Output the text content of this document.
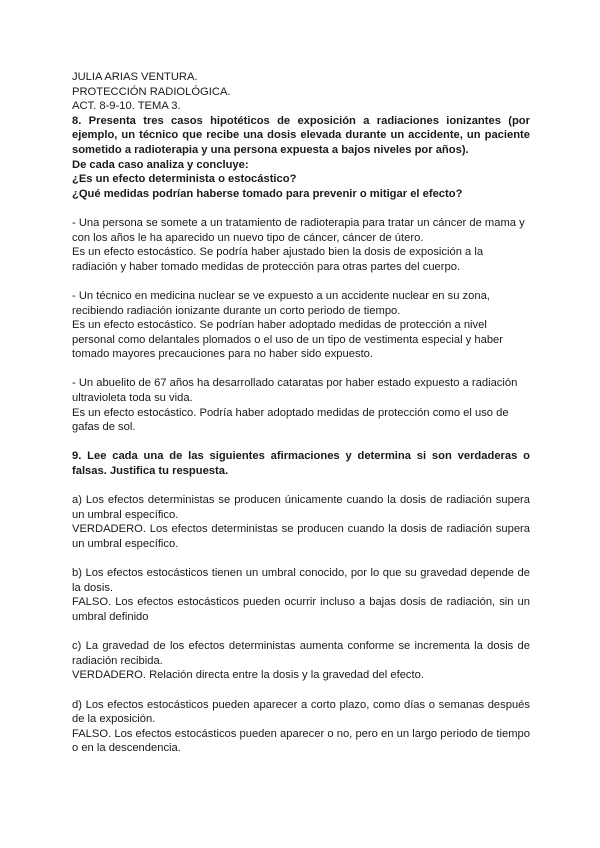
JULIA ARIAS VENTURA.
PROTECCIÓN RADIOLÓGICA.
ACT. 8-9-10. TEMA 3.
8. Presenta tres casos hipotéticos de exposición a radiaciones ionizantes (por ejemplo, un técnico que recibe una dosis elevada durante un accidente, un paciente sometido a radioterapia y una persona expuesta a bajos niveles por años).
De cada caso analiza y concluye:
¿Es un efecto determinista o estocástico?
¿Qué medidas podrían haberse tomado para prevenir o mitigar el efecto?
- Una persona se somete a un tratamiento de radioterapia para tratar un cáncer de mama y con los años le ha aparecido un nuevo tipo de cáncer, cáncer de útero.
Es un efecto estocástico. Se podría haber ajustado bien la dosis de exposición a la radiación y haber tomado medidas de protección para otras partes del cuerpo.
- Un técnico en medicina nuclear se ve expuesto a un accidente nuclear en su zona, recibiendo radiación ionizante durante un corto periodo de tiempo.
Es un efecto estocástico. Se podrían haber adoptado medidas de protección a nivel personal como delantales plomados o el uso de un tipo de vestimenta especial y haber tomado mayores precauciones para no haber sido expuesto.
- Un abuelito de 67 años ha desarrollado cataratas por haber estado expuesto a radiación ultravioleta toda su vida.
Es un efecto estocástico. Podría haber adoptado medidas de protección como el uso de gafas de sol.
9. Lee cada una de las siguientes afirmaciones y determina si son verdaderas o falsas. Justifica tu respuesta.
a) Los efectos deterministas se producen únicamente cuando la dosis de radiación supera un umbral específico.
VERDADERO. Los efectos deterministas se producen cuando la dosis de radiación supera un umbral específico.
b) Los efectos estocásticos tienen un umbral conocido, por lo que su gravedad depende de la dosis.
FALSO. Los efectos estocásticos pueden ocurrir incluso a bajas dosis de radiación, sin un umbral definido
c) La gravedad de los efectos deterministas aumenta conforme se incrementa la dosis de radiación recibida.
VERDADERO. Relación directa entre la dosis y la gravedad del efecto.
d) Los efectos estocásticos pueden aparecer a corto plazo, como días o semanas después de la exposición.
FALSO. Los efectos estocásticos pueden aparecer o no, pero en un largo periodo de tiempo o en la descendencia.
